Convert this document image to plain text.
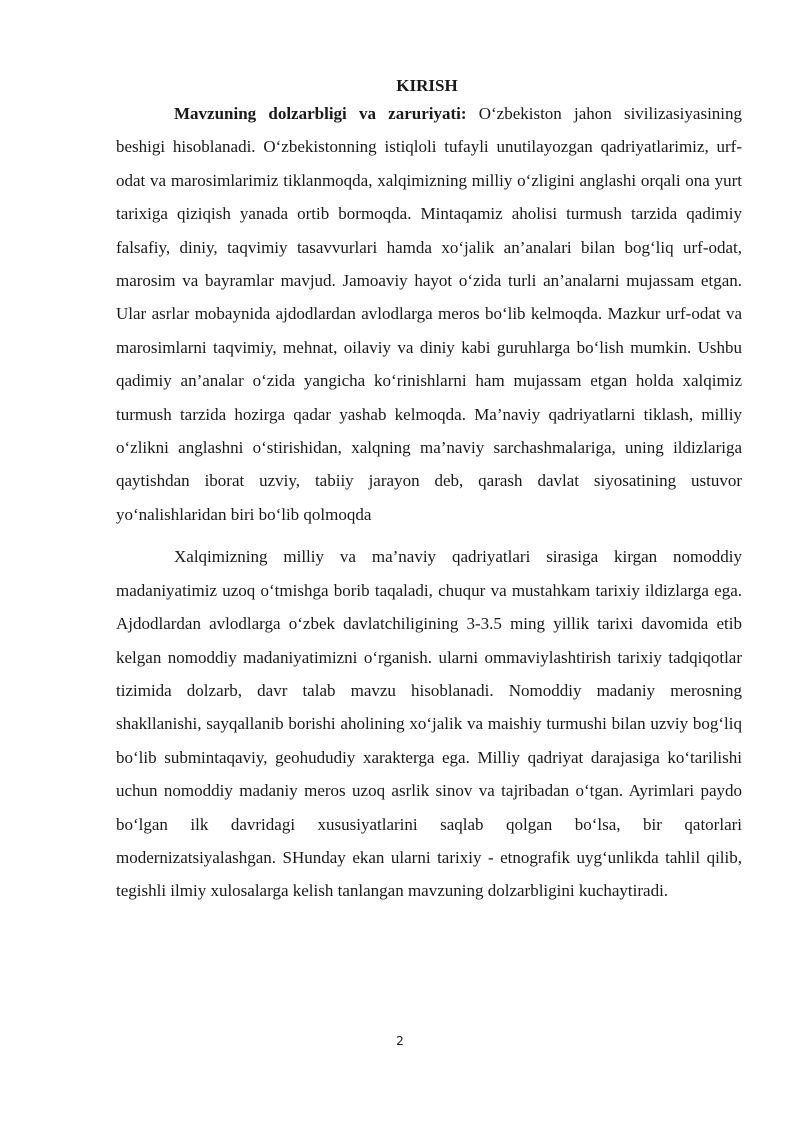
KIRISH

Mavzuning dolzarbligi va zaruriyati: O‘zbekiston jahon sivilizasiyasining beshigi hisoblanadi. O‘zbekistonning istiqloli tufayli unutilayozgan qadriyatlarimiz, urf-odat va marosimlarimiz tiklanmoqda, xalqimizning milliy o‘zligini anglashi orqali ona yurt tarixiga qiziqish yanada ortib bormoqda. Mintaqamiz aholisi turmush tarzida qadimiy falsafiy, diniy, taqvimiy tasavvurlari hamda xo‘jalik an’analari bilan bog‘liq urf-odat, marosim va bayramlar mavjud. Jamoaviy hayot o‘zida turli an’analarni mujassam etgan. Ular asrlar mobaynida ajdodlardan avlodlarga meros bo‘lib kelmoqda. Mazkur urf-odat va marosimlarni taqvimiy, mehnat, oilaviy va diniy kabi guruhlarga bo‘lish mumkin. Ushbu qadimiy an’analar o‘zida yangicha ko‘rinishlarni ham mujassam etgan holda xalqimiz turmush tarzida hozirga qadar yashab kelmoqda. Ma’naviy qadriyatlarni tiklash, milliy o‘zlikni anglashni o‘stirishidan, xalqning ma’naviy sarchashmalariga, uning ildizlariga qaytishdan iborat uzviy, tabiiy jarayon deb, qarash davlat siyosatining ustuvor yo‘nalishlaridan biri bo‘lib qolmoqda

Xalqimizning milliy va ma’naviy qadriyatlari sirasiga kirgan nomoddiy madaniyatimiz uzoq o‘tmishga borib taqaladi, chuqur va mustahkam tarixiy ildizlarga ega. Ajdodlardan avlodlarga o‘zbek davlatchiligining 3-3.5 ming yillik tarixi davomida etib kelgan nomoddiy madaniyatimizni o‘rganish. ularni ommaviylashtirish tarixiy tadqiqotlar tizimida dolzarb, davr talab mavzu hisoblanadi. Nomoddiy madaniy merosning shakllanishi, sayqallanib borishi aholining xo‘jalik va maishiy turmushi bilan uzviy bog‘liq bo‘lib submintaqaviy, geohududiy xarakterga ega. Milliy qadriyat darajasiga ko‘tarilishi uchun nomoddiy madaniy meros uzoq asrlik sinov va tajribadan o‘tgan. Ayrimlari paydo bo‘lgan ilk davridagi xususiyatlarini saqlab qolgan bo‘lsa, bir qatorlari modernizatsiyalashgan. SHunday ekan ularni tarixiy - etnografik uyg‘unlikda tahlil qilib, tegishli ilmiy xulosalarga kelish tanlangan mavzuning dolzarbligini kuchaytiradi.

2
